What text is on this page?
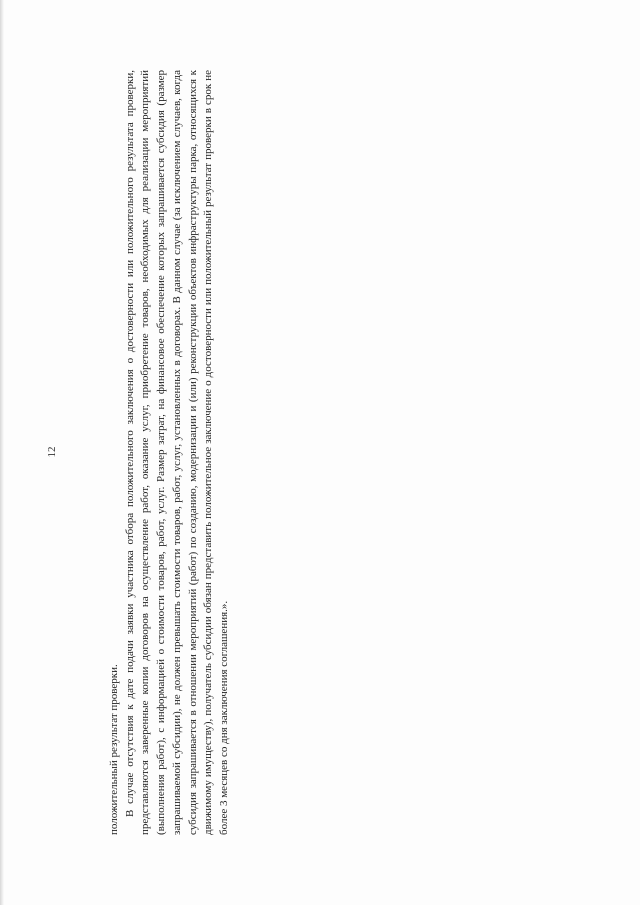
12

положительный результат проверки. В случае отсутствия к дате подачи заявки участника отбора положительного заключения о достоверности или положительного результата проверки, представляются заверенные копии договоров на осуществление работ, оказание услуг, приобретение товаров, необходимых для реализации мероприятий (выполнения работ), с информацией о стоимости товаров, работ, услуг. Размер затрат, на финансовое обеспечение которых запрашивается субсидия (размер запрашиваемой субсидии), не должен превышать стоимости товаров, работ, услуг, установленных в договорах. В данном случае (за исключением случаев, когда субсидия запрашивается в отношении мероприятий (работ) по созданию, модернизации и (или) реконструкции объектов инфраструктуры парка, относящихся к движимому имуществу), получатель субсидии обязан представить положительное заключение о достоверности или положительный результат проверки в срок не более 3 месяцев со дня заключения соглашения.».
